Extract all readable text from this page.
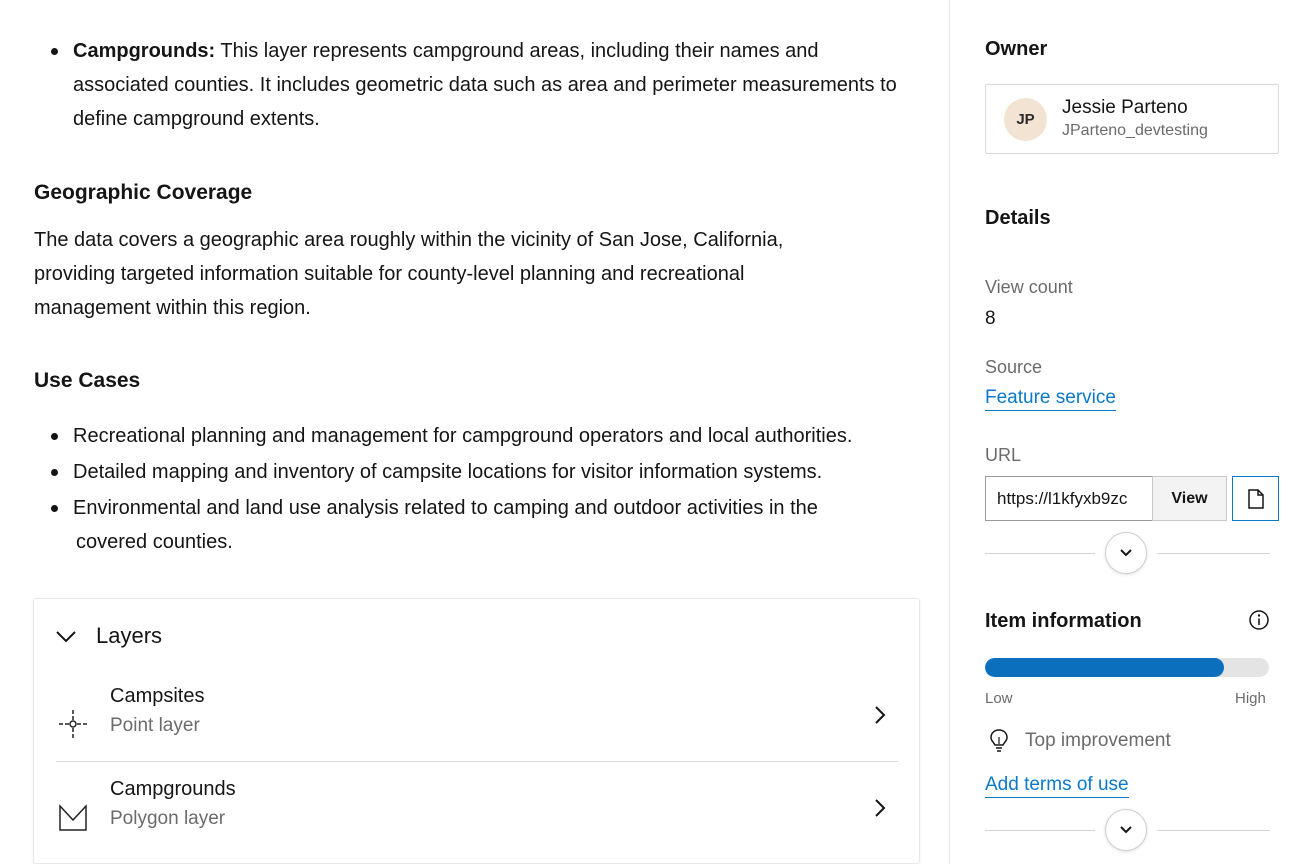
Campgrounds: This layer represents campground areas, including their names and associated counties. It includes geometric data such as area and perimeter measurements to define campground extents.
Geographic Coverage
The data covers a geographic area roughly within the vicinity of San Jose, California, providing targeted information suitable for county-level planning and recreational management within this region.
Use Cases
Recreational planning and management for campground operators and local authorities.
Detailed mapping and inventory of campsite locations for visitor information systems.
Environmental and land use analysis related to camping and outdoor activities in the
covered counties.
Layers
Campsites
Point layer
Campgrounds
Polygon layer
Owner
JP
Jessie Parteno
JParteno_devtesting
Details
View count
8
Source
Feature service
URL
https://l1kfyxb9zc
View
Item information
Low	High
Top improvement
Add terms of use
